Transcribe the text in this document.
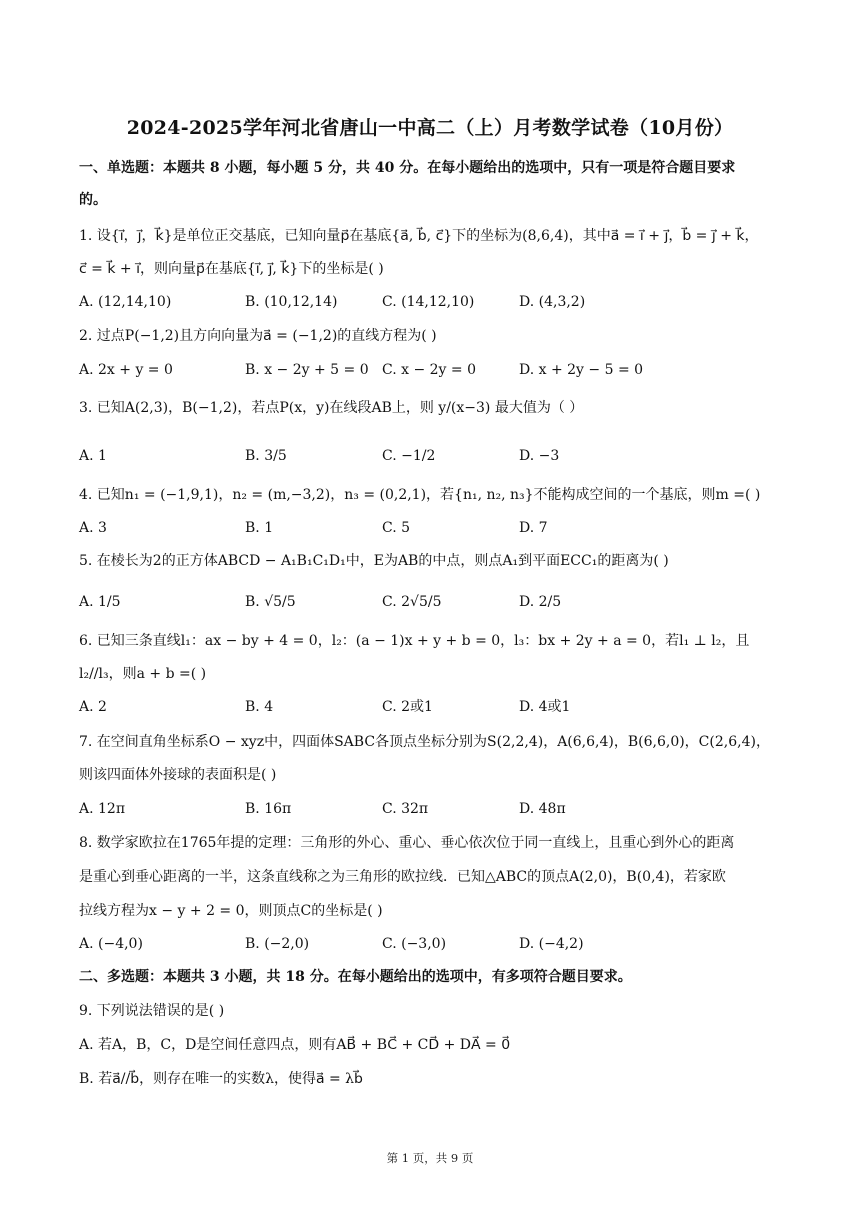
2024-2025学年河北省唐山一中高二（上）月考数学试卷（10月份）
一、单选题：本题共 8 小题，每小题 5 分，共 40 分。在每小题给出的选项中，只有一项是符合题目要求
的。
1. 设{i⃗，j⃗，k⃗}是单位正交基底，已知向量p⃗在基底{a⃗, b⃗, c⃗}下的坐标为(8,6,4)，其中a⃗ = i⃗ + j⃗，b⃗ = j⃗ + k⃗，
c⃗ = k⃗ + i⃗，则向量p⃗在基底{i⃗, j⃗, k⃗}下的坐标是( )
A. (12,14,10)	B. (10,12,14)	C. (14,12,10)	D. (4,3,2)
2. 过点P(−1,2)且方向向量为a⃗ = (−1,2)的直线方程为( )
A. 2x + y = 0	B. x − 2y + 5 = 0 C. x − 2y = 0	D. x + 2y − 5 = 0
3. 已知A(2,3)，B(−1,2)，若点P(x，y)在线段AB上，则 y/(x−3) 最大值为（ ）
A. 1	B. 3/5	C. −1/2	D. −3
4. 已知n₁ = (−1,9,1)，n₂ = (m,−3,2)，n₃ = (0,2,1)，若{n₁, n₂, n₃}不能构成空间的一个基底，则m =( )
A. 3	B. 1	C. 5	D. 7
5. 在棱长为2的正方体ABCD − A₁B₁C₁D₁中，E为AB的中点，则点A₁到平面ECC₁的距离为( )
A. 1/5	B. √5/5	C. 2√5/5	D. 2/5
6. 已知三条直线l₁：ax − by + 4 = 0，l₂：(a − 1)x + y + b = 0，l₃：bx + 2y + a = 0，若l₁ ⊥ l₂，且
l₂//l₃，则a + b =( )
A. 2	B. 4	C. 2或1	D. 4或1
7. 在空间直角坐标系O − xyz中，四面体SABC各顶点坐标分别为S(2,2,4)，A(6,6,4)，B(6,6,0)，C(2,6,4)，
则该四面体外接球的表面积是( )
A. 12π	B. 16π	C. 32π	D. 48π
8. 数学家欧拉在1765年提的定理：三角形的外心、重心、垂心依次位于同一直线上，且重心到外心的距离
是重心到垂心距离的一半，这条直线称之为三角形的欧拉线．已知△ABC的顶点A(2,0)，B(0,4)，若家欧
拉线方程为x − y + 2 = 0，则顶点C的坐标是( )
A. (−4,0)	B. (−2,0)	C. (−3,0)	D. (−4,2)
二、多选题：本题共 3 小题，共 18 分。在每小题给出的选项中，有多项符合题目要求。
9. 下列说法错误的是( )
A. 若A，B，C，D是空间任意四点，则有AB⃗ + BC⃗ + CD⃗ + DA⃗ = 0⃗
B. 若a⃗//b⃗，则存在唯一的实数λ，使得a⃗ = λb⃗
第 1 页，共 9 页
